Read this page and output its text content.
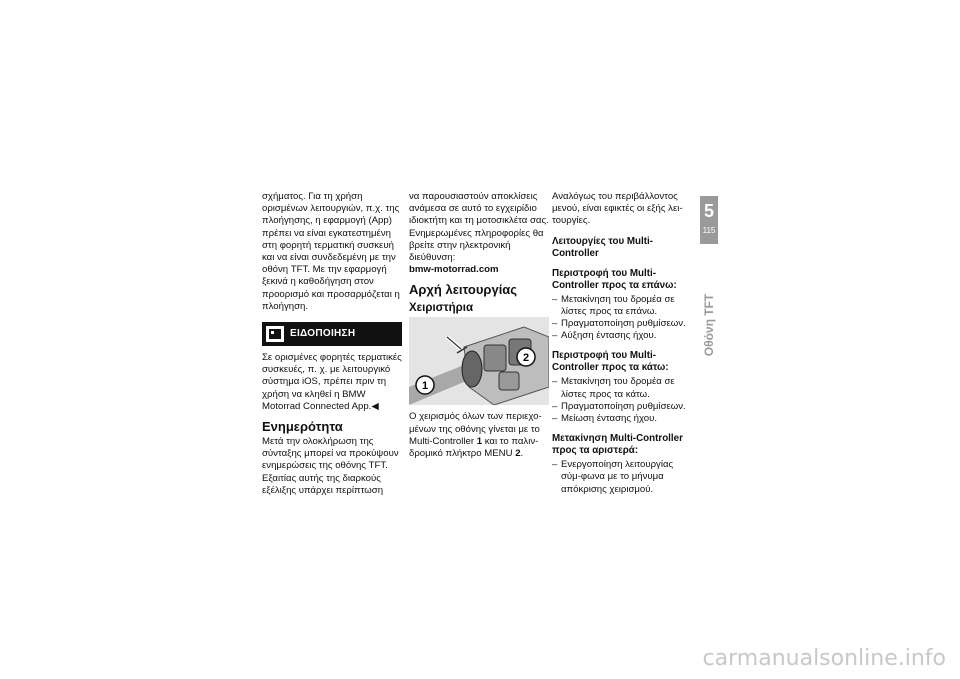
σχήματος. Για τη χρήση ορισμένων λειτουργιών, π.χ. της πλοήγησης, η εφαρμογή (App) πρέπει να είναι εγκατεστημένη στη φορητή τερματική συσκευή και να είναι συνδεδεμένη με την οθόνη TFT. Με την εφαρμογή ξεκινά η καθοδήγηση στον προορισμό και προσαρμόζεται η πλοήγηση.

ΕΙΔΟΠΟΙΗΣΗ

Σε ορισμένες φορητές τερματικές συσκευές, π. χ. με λειτουργικό σύστημα iOS, πρέπει πριν τη χρήση να κληθεί η BMW Motorrad Connected App.◀

Ενημερότητα

Μετά την ολοκλήρωση της σύνταξης μπορεί να προκύψουν ενημερώσεις της οθόνης TFT. Εξαιτίας αυτής της διαρκούς εξέλιξης υπάρχει περίπτωση

να παρουσιαστούν αποκλίσεις ανάμεσα σε αυτό το εγχειρίδιο ιδιοκτήτη και τη μοτοσικλέτα σας. Ενημερωμένες πληροφορίες θα βρείτε στην ηλεκτρονική διεύθυνση:

bmw-motorrad.com

Αρχή λειτουργίας
Χειριστήρια
1
2

Ο χειρισμός όλων των περιεχο-μένων της οθόνης γίνεται με το Multi-Controller 1 και το παλιν-δρομικό πλήκτρο MENU 2.

Αναλόγως του περιβάλλοντος μενού, είναι εφικτές οι εξής λει-τουργίες.

Λειτουργίες του Multi-Controller
Περιστροφή του Multi-Controller προς τα επάνω:
– Μετακίνηση του δρομέα σε λίστες προς τα επάνω.
– Πραγματοποίηση ρυθμίσεων.
– Αύξηση έντασης ήχου.
Περιστροφή του Multi-Controller προς τα κάτω:
– Μετακίνηση του δρομέα σε λίστες προς τα κάτω.
– Πραγματοποίηση ρυθμίσεων.
– Μείωση έντασης ήχου.
Μετακίνηση Multi-Controller προς τα αριστερά:
– Ενεργοποίηση λειτουργίας σύμ-φωνα με το μήνυμα απόκρισης χειρισμού.
5
115
Οθόνη TFT
carmanualsonline.info
